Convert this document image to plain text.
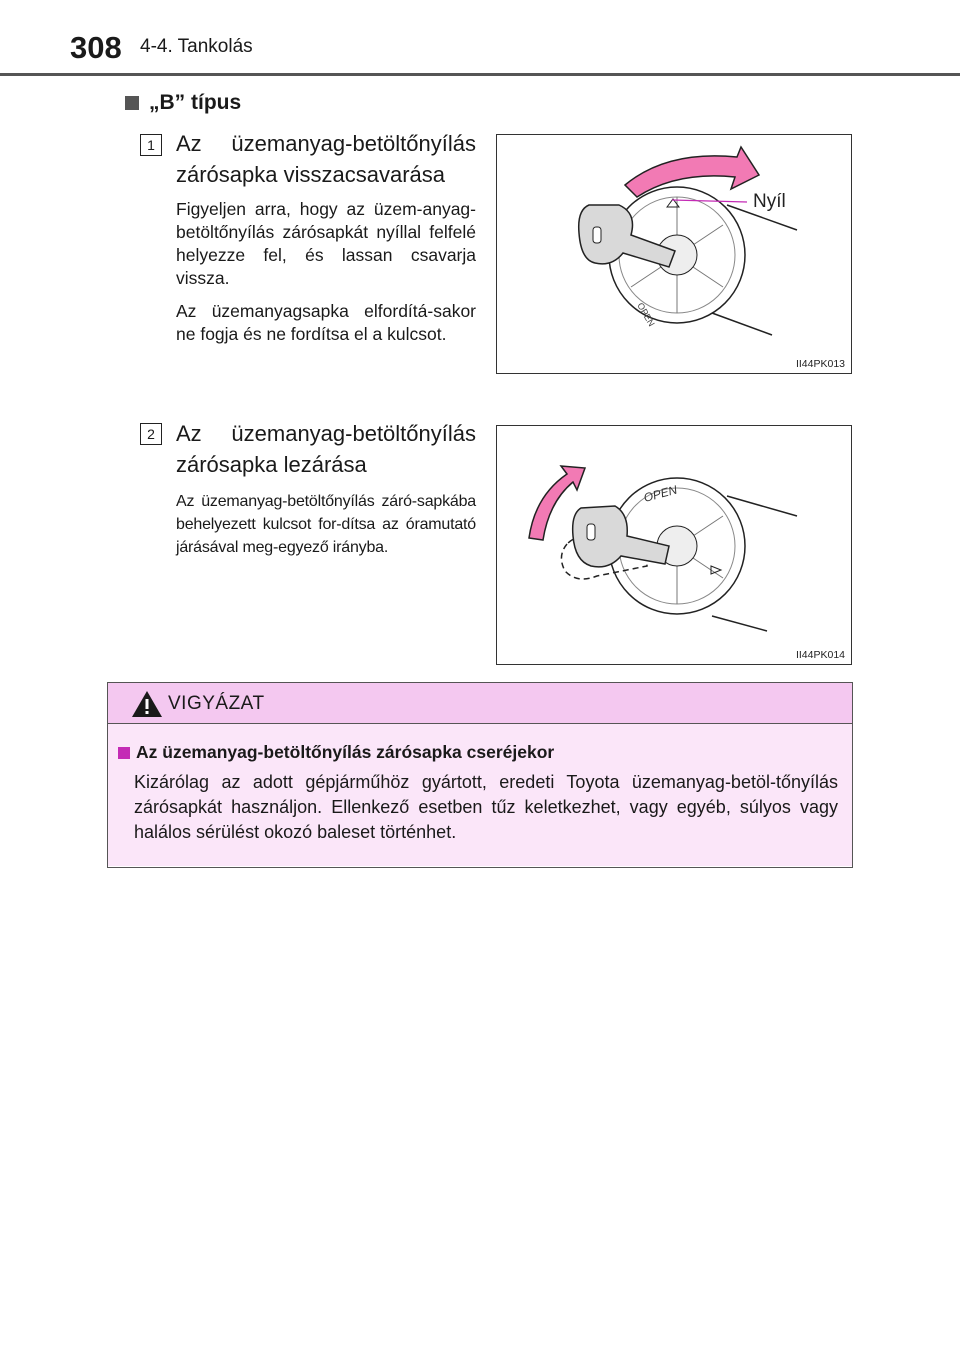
308 4-4. Tankolás
„B” típus
1 Az üzemanyag-betöltőnyílás
zárósapka visszacsavarása

Figyeljen arra, hogy az üzem-anyag-betöltőnyílás zárósapkát nyíllal felfelé helyezze fel, és lassan csavarja vissza.

Az üzemanyagsapka elfordítá-sakor ne fogja és ne fordítsa el a kulcsot.

OPEN
Nyíl
II44PK013
2 Az üzemanyag-betöltőnyílás
zárósapka lezárása

Az üzemanyag-betöltőnyílás záró-sapkába behelyezett kulcsot for-dítsa az óramutató járásával meg-egyező irányba.

OPEN
II44PK014
VIGYÁZAT
Az üzemanyag-betöltőnyílás zárósapka cseréjekor
Kizárólag az adott gépjárműhöz gyártott, eredeti Toyota üzemanyag-betöl-tőnyílás zárósapkát használjon. Ellenkező esetben tűz keletkezhet, vagy egyéb, súlyos vagy halálos sérülést okozó baleset történhet.
